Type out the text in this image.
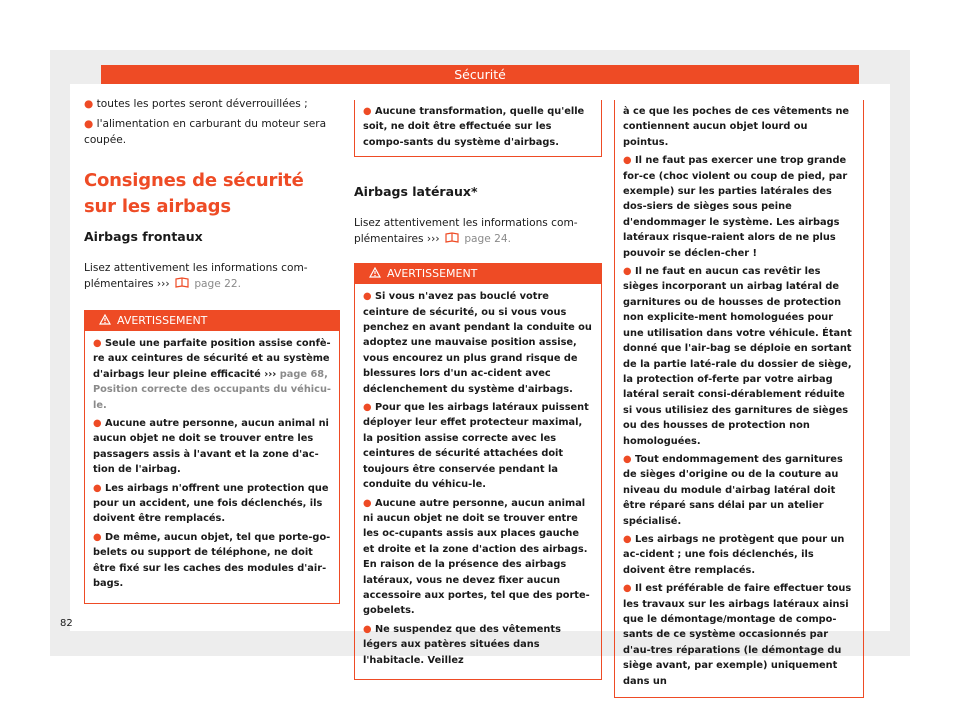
Sécurité

● toutes les portes seront déverrouillées ;

● l'alimentation en carburant du moteur sera coupée.

Consignes de sécurité sur les airbags

Airbags frontaux

Lisez attentivement les informations com-plémentaires ››› page 22.

AVERTISSEMENT

● Seule une parfaite position assise confè-re aux ceintures de sécurité et au système d'airbags leur pleine efficacité ››› page 68, Position correcte des occupants du véhicu-le.

● Aucune autre personne, aucun animal ni aucun objet ne doit se trouver entre les passagers assis à l'avant et la zone d'ac-tion de l'airbag.

● Les airbags n'offrent une protection que pour un accident, une fois déclenchés, ils doivent être remplacés.

● De même, aucun objet, tel que porte-go-belets ou support de téléphone, ne doit être fixé sur les caches des modules d'air-bags.

● Aucune transformation, quelle qu'elle soit, ne doit être effectuée sur les compo-sants du système d'airbags.

Airbags latéraux*

Lisez attentivement les informations com-plémentaires ››› page 24.

AVERTISSEMENT

● Si vous n'avez pas bouclé votre ceinture de sécurité, ou si vous vous penchez en avant pendant la conduite ou adoptez une mauvaise position assise, vous encourez un plus grand risque de blessures lors d'un ac-cident avec déclenchement du système d'airbags.

● Pour que les airbags latéraux puissent déployer leur effet protecteur maximal, la position assise correcte avec les ceintures de sécurité attachées doit toujours être conservée pendant la conduite du véhicu-le.

● Aucune autre personne, aucun animal ni aucun objet ne doit se trouver entre les oc-cupants assis aux places gauche et droite et la zone d'action des airbags. En raison de la présence des airbags latéraux, vous ne devez fixer aucun accessoire aux portes, tel que des porte-gobelets.

● Ne suspendez que des vêtements légers aux patères situées dans l'habitacle. Veillez

à ce que les poches de ces vêtements ne contiennent aucun objet lourd ou pointus.

● Il ne faut pas exercer une trop grande for-ce (choc violent ou coup de pied, par exemple) sur les parties latérales des dos-siers de sièges sous peine d'endommager le système. Les airbags latéraux risque-raient alors de ne plus pouvoir se déclen-cher !

● Il ne faut en aucun cas revêtir les sièges incorporant un airbag latéral de garnitures ou de housses de protection non explicite-ment homologuées pour une utilisation dans votre véhicule. Étant donné que l'air-bag se déploie en sortant de la partie laté-rale du dossier de siège, la protection of-ferte par votre airbag latéral serait consi-dérablement réduite si vous utilisiez des garnitures de sièges ou des housses de protection non homologuées.

● Tout endommagement des garnitures de sièges d'origine ou de la couture au niveau du module d'airbag latéral doit être réparé sans délai par un atelier spécialisé.

● Les airbags ne protègent que pour un ac-cident ; une fois déclenchés, ils doivent être remplacés.

● Il est préférable de faire effectuer tous les travaux sur les airbags latéraux ainsi que le démontage/montage de compo-sants de ce système occasionnés par d'au-tres réparations (le démontage du siège avant, par exemple) uniquement dans un

82
